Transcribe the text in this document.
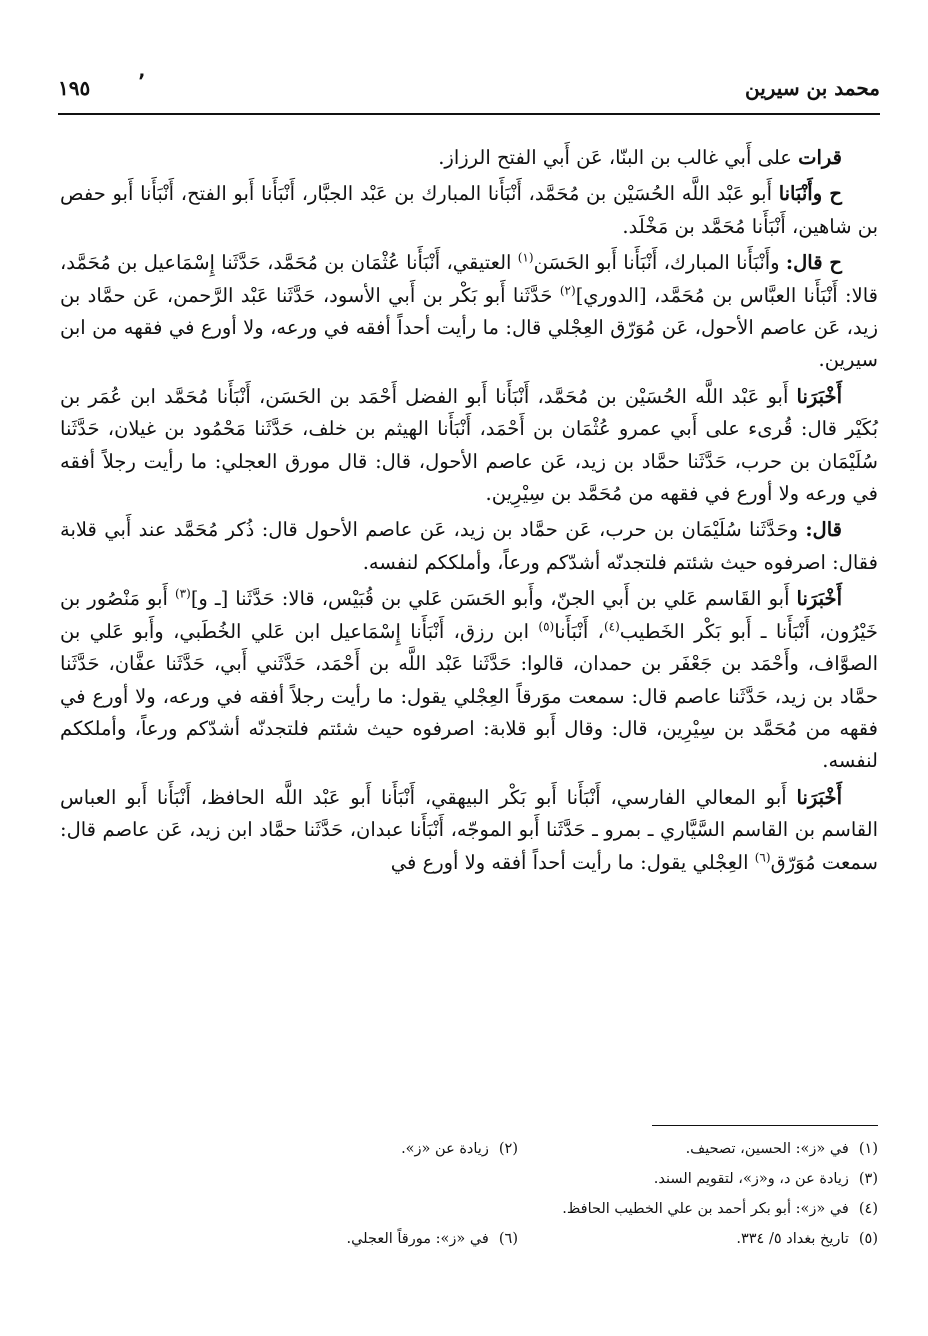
محمد بن سيرين
٬
١٩٥

قرات على أَبي غالب بن البنّا، عَن أَبي الفتح الرزاز.

ح وأَنْبَانا أَبو عَبْد اللَّه الحُسَيْن بن مُحَمَّد، أَنْبَأَنا المبارك بن عَبْد الجبَّار، أَنْبَأَنا أَبو الفتح، أَنْبَأَنا أَبو حفص بن شاهين، أَنْبَأَنا مُحَمَّد بن مَخْلَد.

ح قال: وأَنْبَأَنا المبارك، أَنْبَأَنا أَبو الحَسَن$^{(١)}$ العتيقي، أَنْبَأَنا عُثْمَان بن مُحَمَّد، حَدَّثَنا إِسْمَاعيل بن مُحَمَّد، قالا: أَنْبَأَنا العبَّاس بن مُحَمَّد، [الدوري]$^{(٢)}$ حَدَّثَنا أَبو بَكْر بن أَبي الأسود، حَدَّثَنا عَبْد الرَّحمن، عَن حمَّاد بن زيد، عَن عاصم الأحول، عَن مُوَرّق العِجْلي قال: ما رأيت أحداً أفقه في ورعه، ولا أورع في فقهه من ابن سيرين.

أَخْبَرَنا أَبو عَبْد اللَّه الحُسَيْن بن مُحَمَّد، أَنْبَأَنا أَبو الفضل أَحْمَد بن الحَسَن، أَنْبَأَنا مُحَمَّد ابن عُمَر بن بُكَيْر قال: قُرىء على أَبي عمرو عُثْمَان بن أَحْمَد، أَنْبَأَنا الهيثم بن خلف، حَدَّثَنا مَحْمُود بن غيلان، حَدَّثَنا سُلَيْمَان بن حرب، حَدَّثَنا حمَّاد بن زيد، عَن عاصم الأحول، قال: قال مورق العجلي: ما رأيت رجلاً أفقه في ورعه ولا أورع في فقهه من مُحَمَّد بن سِيْرِين.

قال: وحَدَّثَنا سُلَيْمَان بن حرب، عَن حمَّاد بن زيد، عَن عاصم الأحول قال: ذُكر مُحَمَّد عند أَبي قلابة فقال: اصرفوه حيث شئتم فلتجدنّه أشدّكم ورعاً، وأملككم لنفسه.

أَخْبَرَنا أَبو القَاسم عَلي بن أَبي الجنّ، وأَبو الحَسَن عَلي بن قُبَيْس، قالا: حَدَّثَنا [ـ و]$^{(٣)}$ أَبو مَنْصُور بن خَيْرُون، أَنْبَأَنا ـ أَبو بَكْر الخَطيب$^{(٤)}$، أَنْبَأَنا$^{(٥)}$ ابن رزق، أَنْبَأَنا إِسْمَاعيل ابن عَلي الخُطَبي، وأَبو عَلي بن الصوَّاف، وأَحْمَد بن جَعْفَر بن حمدان، قالوا: حَدَّثَنا عَبْد اللَّه بن أَحْمَد، حَدَّثَني أَبي، حَدَّثَنا عفَّان، حَدَّثَنا حمَّاد بن زيد، حَدَّثَنا عاصم قال: سمعت موَرقاً العِجْلي يقول: ما رأيت رجلاً أفقه في ورعه، ولا أورع في فقهه من مُحَمَّد بن سِيْرِين، قال: وقال أَبو قلابة: اصرفوه حيث شئتم فلتجدنّه أشدّكم ورعاً، وأملككم لنفسه.

أَخْبَرَنا أَبو المعالي الفارسي، أَنْبَأَنا أَبو بَكْر البيهقي، أَنْبَأَنا أَبو عَبْد اللَّه الحافظ، أَنْبَأَنا أَبو العباس القاسم بن القاسم السَّيَّاري ـ بمرو ـ حَدَّثَنا أَبو الموجّه، أَنْبَأَنا عبدان، حَدَّثَنا حمَّاد ابن زيد، عَن عاصم قال: سمعت مُوَرّق$^{(٦)}$ العِجْلي يقول: ما رأيت أحداً أفقه ولا أورع في

(١)في «ز»: الحسين، تصحيف.
(٢)زيادة عن «ز».
(٣)زيادة عن د، و«ز»، لتقويم السند.
(٤)في «ز»: أبو بكر أحمد بن علي الخطيب الحافظ.
(٥)تاريخ بغداد ٥/ ٣٣٤.
(٦)في «ز»: مورقاً العجلي.
